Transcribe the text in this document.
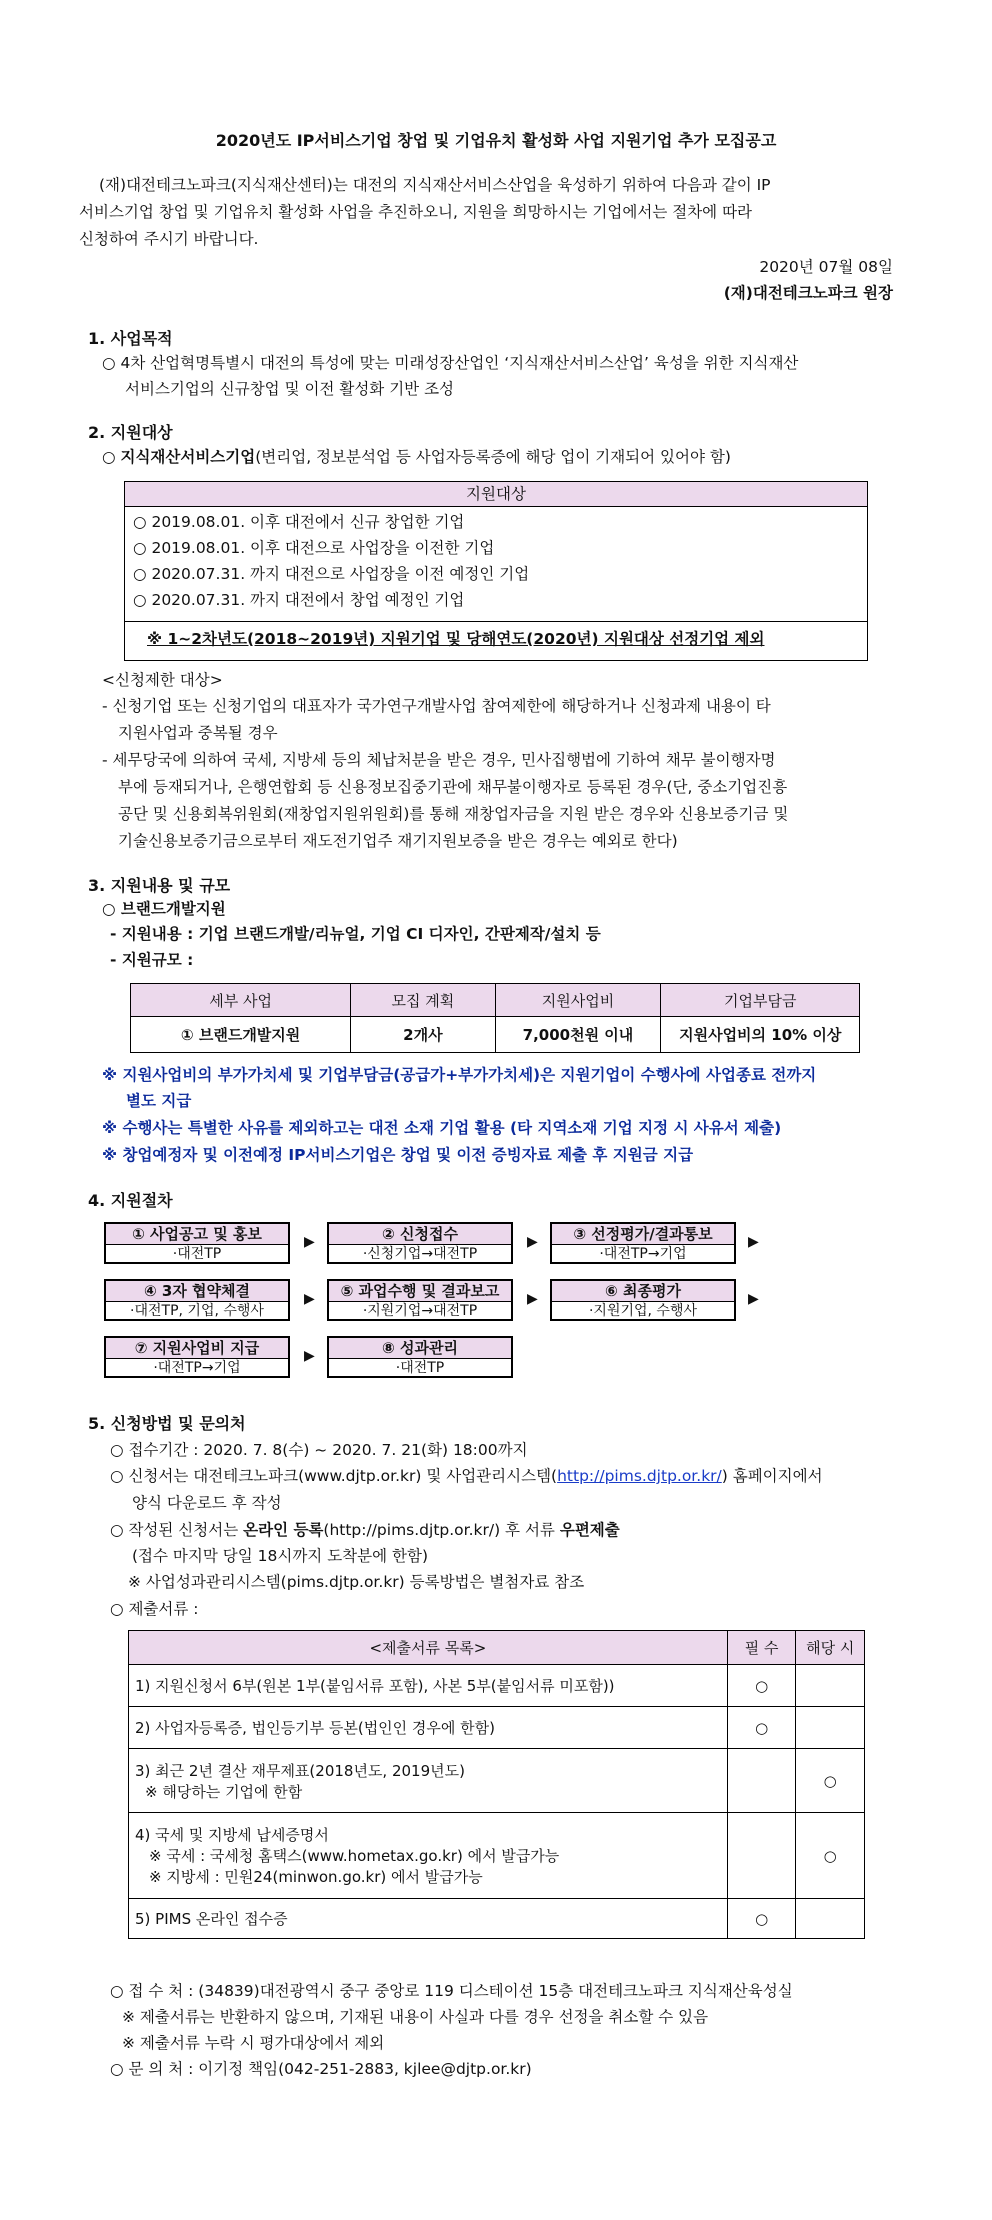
2020년도 IP서비스기업 창업 및 기업유치 활성화 사업 지원기업 추가 모집공고
(재)대전테크노파크(지식재산센터)는 대전의 지식재산서비스산업을 육성하기 위하여 다음과 같이 IP
서비스기업 창업 및 기업유치 활성화 사업을 추진하오니, 지원을 희망하시는 기업에서는 절차에 따라
신청하여 주시기 바랍니다.
2020년 07월 08일
(재)대전테크노파크 원장
1. 사업목적
○ 4차 산업혁명특별시 대전의 특성에 맞는 미래성장산업인 ‘지식재산서비스산업’ 육성을 위한 지식재산
서비스기업의 신규창업 및 이전 활성화 기반 조성
2. 지원대상
○ 지식재산서비스기업(변리업, 정보분석업 등 사업자등록증에 해당 업이 기재되어 있어야 함)
지원대상
○ 2019.08.01. 이후 대전에서 신규 창업한 기업
○ 2019.08.01. 이후 대전으로 사업장을 이전한 기업
○ 2020.07.31. 까지 대전으로 사업장을 이전 예정인 기업
○ 2020.07.31. 까지 대전에서 창업 예정인 기업
※ 1~2차년도(2018~2019년) 지원기업 및 당해연도(2020년) 지원대상 선정기업 제외
<신청제한 대상>
- 신청기업 또는 신청기업의 대표자가 국가연구개발사업 참여제한에 해당하거나 신청과제 내용이 타
지원사업과 중복될 경우
- 세무당국에 의하여 국세, 지방세 등의 체납처분을 받은 경우, 민사집행법에 기하여 채무 불이행자명
부에 등재되거나, 은행연합회 등 신용정보집중기관에 채무불이행자로 등록된 경우(단, 중소기업진흥
공단 및 신용회복위원회(재창업지원위원회)를 통해 재창업자금을 지원 받은 경우와 신용보증기금 및
기술신용보증기금으로부터 재도전기업주 재기지원보증을 받은 경우는 예외로 한다)
3. 지원내용 및 규모
○ 브랜드개발지원
- 지원내용 : 기업 브랜드개발/리뉴얼, 기업 CI 디자인, 간판제작/설치 등
- 지원규모 :
세부 사업	모집 계획	지원사업비	기업부담금
① 브랜드개발지원	2개사	7,000천원 이내	지원사업비의 10% 이상
※ 지원사업비의 부가가치세 및 기업부담금(공급가+부가가치세)은 지원기업이 수행사에 사업종료 전까지
별도 지급
※ 수행사는 특별한 사유를 제외하고는 대전 소재 기업 활용 (타 지역소재 기업 지정 시 사유서 제출)
※ 창업예정자 및 이전예정 IP서비스기업은 창업 및 이전 증빙자료 제출 후 지원금 지급
4. 지원절차
① 사업공고 및 홍보
·대전TP
▶	② 신청접수
·신청기업→대전TP
▶	③ 선정평가/결과통보
·대전TP→기업
▶
④ 3자 협약체결
·대전TP, 기업, 수행사
▶	⑤ 과업수행 및 결과보고
·지원기업→대전TP
▶	⑥ 최종평가
·지원기업, 수행사
▶
⑦ 지원사업비 지급
·대전TP→기업
▶	⑧ 성과관리
·대전TP
5. 신청방법 및 문의처
○ 접수기간 : 2020. 7. 8(수) ~ 2020. 7. 21(화) 18:00까지
○ 신청서는 대전테크노파크(www.djtp.or.kr) 및 사업관리시스템(http://pims.djtp.or.kr/) 홈페이지에서
양식 다운로드 후 작성
○ 작성된 신청서는 온라인 등록(http://pims.djtp.or.kr/) 후 서류 우편제출
(접수 마지막 당일 18시까지 도착분에 한함)
※ 사업성과관리시스템(pims.djtp.or.kr) 등록방법은 별첨자료 참조
○ 제출서류 :
<제출서류 목록>	필 수	해당 시

1) 지원신청서 6부(원본 1부(붙임서류 포함), 사본 5부(붙임서류 미포함))	○	

2) 사업자등록증, 법인등기부 등본(법인인 경우에 한함)	○	

3) 최근 2년 결산 재무제표(2018년도, 2019년도)
※ 해당하는 기업에 한함		○

4) 국세 및 지방세 납세증명서
※ 국세 : 국세청 홈택스(www.hometax.go.kr) 에서 발급가능
※ 지방세 : 민원24(minwon.go.kr) 에서 발급가능		○

5) PIMS 온라인 접수증	○	
○ 접 수 처 : (34839)대전광역시 중구 중앙로 119 디스테이션 15층 대전테크노파크 지식재산육성실
※ 제출서류는 반환하지 않으며, 기재된 내용이 사실과 다를 경우 선정을 취소할 수 있음
※ 제출서류 누락 시 평가대상에서 제외
○ 문 의 처 : 이기정 책임(042-251-2883, kjlee@djtp.or.kr)
